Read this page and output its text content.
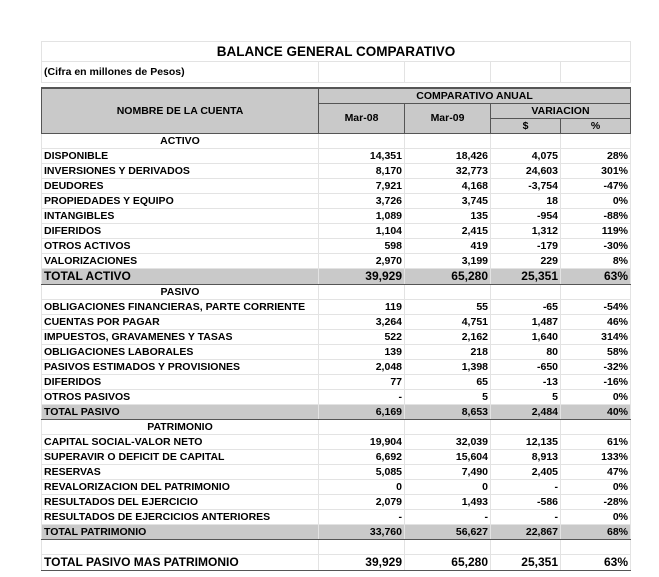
BALANCE GENERAL COMPARATIVO				
(Cifra en millones de Pesos)				

NOMBRE DE LA CUENTA	COMPARATIVO ANUAL			
	Mar-08	Mar-09	VARIACION	
			$	%
ACTIVO				
DISPONIBLE	14,351	18,426	4,075	28%
INVERSIONES Y DERIVADOS	8,170	32,773	24,603	301%
DEUDORES	7,921	4,168	-3,754	-47%
PROPIEDADES Y EQUIPO	3,726	3,745	18	0%
INTANGIBLES	1,089	135	-954	-88%
DIFERIDOS	1,104	2,415	1,312	119%
OTROS ACTIVOS	598	419	-179	-30%
VALORIZACIONES	2,970	3,199	229	8%
TOTAL ACTIVO	39,929	65,280	25,351	63%
PASIVO				
OBLIGACIONES FINANCIERAS, PARTE CORRIENTE	119	55	-65	-54%
CUENTAS POR PAGAR	3,264	4,751	1,487	46%
IMPUESTOS, GRAVAMENES Y TASAS	522	2,162	1,640	314%
OBLIGACIONES LABORALES	139	218	80	58%
PASIVOS ESTIMADOS Y PROVISIONES	2,048	1,398	-650	-32%
DIFERIDOS	77	65	-13	-16%
OTROS PASIVOS	-	5	5	0%
TOTAL PASIVO	6,169	8,653	2,484	40%
PATRIMONIO				
CAPITAL SOCIAL-VALOR NETO	19,904	32,039	12,135	61%
SUPERAVIR O DEFICIT DE CAPITAL	6,692	15,604	8,913	133%
RESERVAS	5,085	7,490	2,405	47%
REVALORIZACION DEL PATRIMONIO	0	0	-	0%
RESULTADOS DEL EJERCICIO	2,079	1,493	-586	-28%
RESULTADOS DE EJERCICIOS ANTERIORES	-	-	-	0%
TOTAL PATRIMONIO	33,760	56,627	22,867	68%

TOTAL PASIVO MAS PATRIMONIO	39,929	65,280	25,351	63%
